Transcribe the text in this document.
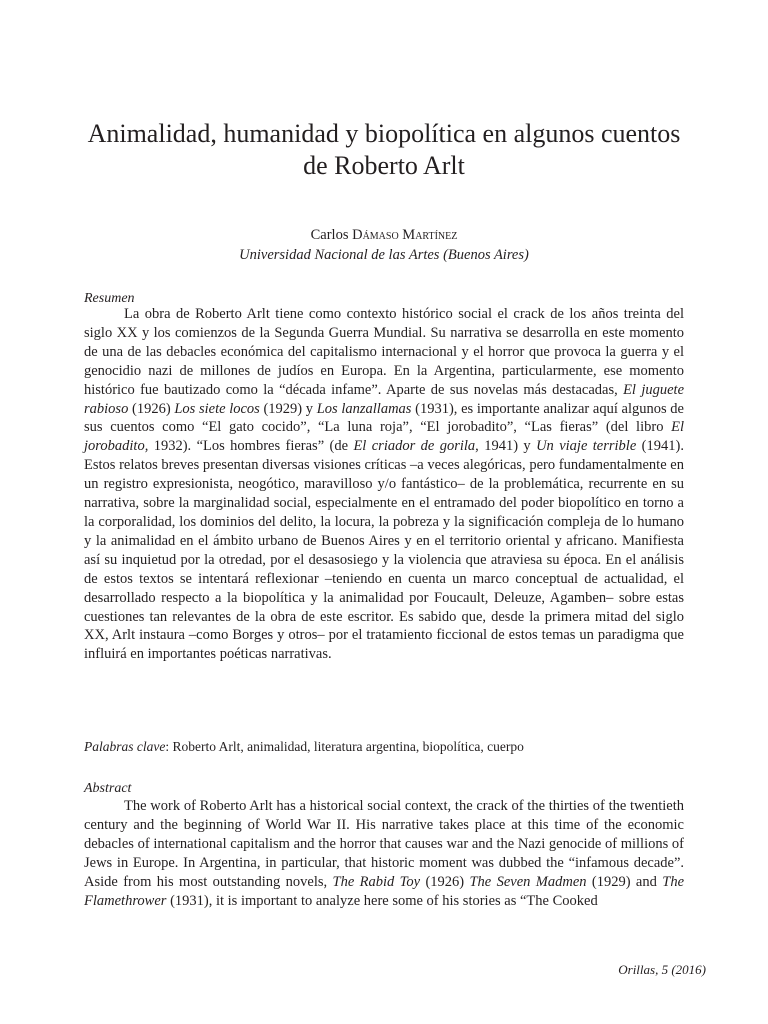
Animalidad, humanidad y biopolítica en algunos cuentos de Roberto Arlt

Carlos Dámaso Martínez

Universidad Nacional de las Artes (Buenos Aires)

Resumen

La obra de Roberto Arlt tiene como contexto histórico social el crack de los años treinta del siglo XX y los comienzos de la Segunda Guerra Mundial. Su narrativa se desarrolla en este momento de una de las debacles económica del capitalismo internacional y el horror que provoca la guerra y el genocidio nazi de millones de judíos en Europa. En la Argentina, particularmente, ese momento histórico fue bautizado como la “década infame”. Aparte de sus novelas más destacadas, El juguete rabioso (1926) Los siete locos (1929) y Los lanzallamas (1931), es importante analizar aquí algunos de sus cuentos como “El gato cocido”, “La luna roja”, “El jorobadito”, “Las fieras” (del libro El jorobadito, 1932). “Los hombres fieras” (de El criador de gorila, 1941) y Un viaje terrible (1941). Estos relatos breves presentan diversas visiones críticas –a veces alegóricas, pero fundamentalmente en un registro expresionista, neogótico, maravilloso y/o fantástico– de la problemática, recurrente en su narrativa, sobre la marginalidad social, especialmente en el entramado del poder biopolítico en torno a la corporalidad, los dominios del delito, la locura, la pobreza y la significación compleja de lo humano y la animalidad en el ámbito urbano de Buenos Aires y en el territorio oriental y africano. Manifiesta así su inquietud por la otredad, por el desasosiego y la violencia que atraviesa su época. En el análisis de estos textos se intentará reflexionar –teniendo en cuenta un marco conceptual de actualidad, el desarrollado respecto a la biopolítica y la animalidad por Foucault, Deleuze, Agamben– sobre estas cuestiones tan relevantes de la obra de este escritor. Es sabido que, desde la primera mitad del siglo XX, Arlt instaura –como Borges y otros– por el tratamiento ficcional de estos temas un paradigma que influirá en importantes poéticas narrativas.

Palabras clave: Roberto Arlt, animalidad, literatura argentina, biopolítica, cuerpo

Abstract

The work of Roberto Arlt has a historical social context, the crack of the thirties of the twentieth century and the beginning of World War II. His narrative takes place at this time of the economic debacles of international capitalism and the horror that causes war and the Nazi genocide of millions of Jews in Europe. In Argentina, in particular, that historic moment was dubbed the “infamous decade”. Aside from his most outstanding novels, The Rabid Toy (1926) The Seven Madmen (1929) and The Flamethrower (1931), it is important to analyze here some of his stories as “The Cooked

Orillas, 5 (2016)
